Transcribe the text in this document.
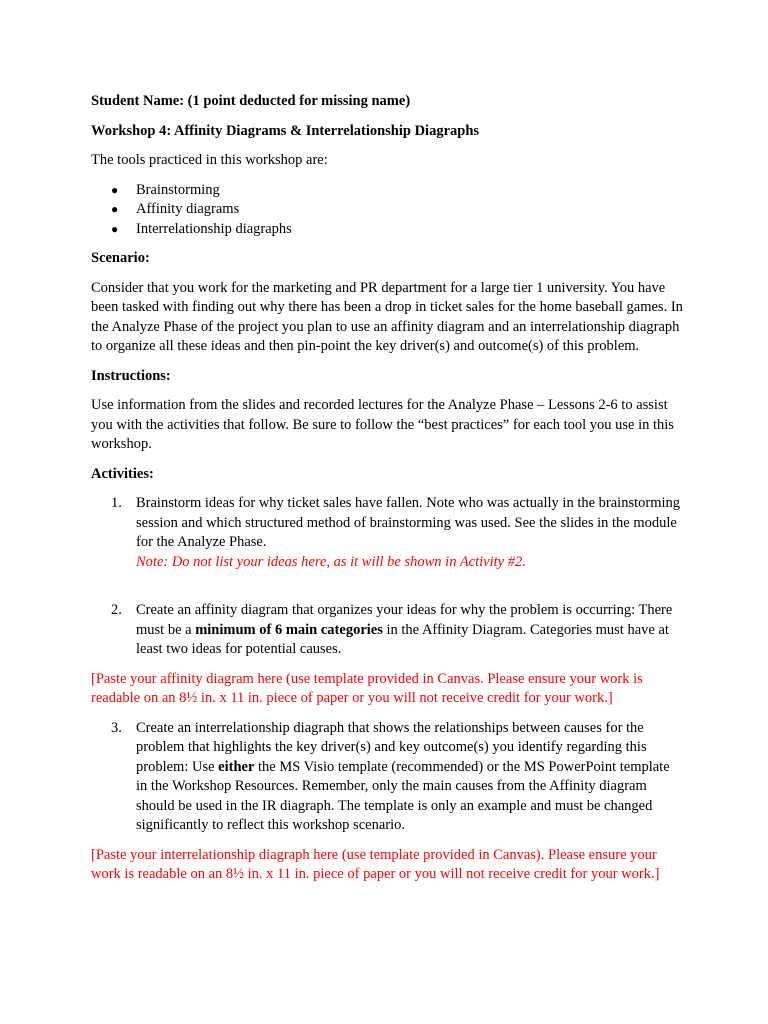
Student Name: (1 point deducted for missing name)

Workshop 4: Affinity Diagrams & Interrelationship Diagraphs

The tools practiced in this workshop are:

● Brainstorming
● Affinity diagrams
● Interrelationship diagraphs

Scenario:

Consider that you work for the marketing and PR department for a large tier 1 university. You have been tasked with finding out why there has been a drop in ticket sales for the home baseball games. In the Analyze Phase of the project you plan to use an affinity diagram and an interrelationship diagraph to organize all these ideas and then pin-point the key driver(s) and outcome(s) of this problem.

Instructions:

Use information from the slides and recorded lectures for the Analyze Phase – Lessons 2-6 to assist you with the activities that follow. Be sure to follow the “best practices” for each tool you use in this workshop.

Activities:

1. Brainstorm ideas for why ticket sales have fallen. Note who was actually in the brainstorming session and which structured method of brainstorming was used. See the slides in the module for the Analyze Phase.
Note: Do not list your ideas here, as it will be shown in Activity #2.
2. Create an affinity diagram that organizes your ideas for why the problem is occurring: There must be a minimum of 6 main categories in the Affinity Diagram. Categories must have at least two ideas for potential causes.

[Paste your affinity diagram here (use template provided in Canvas. Please ensure your work is readable on an 8½ in. x 11 in. piece of paper or you will not receive credit for your work.]

3. Create an interrelationship diagraph that shows the relationships between causes for the problem that highlights the key driver(s) and key outcome(s) you identify regarding this problem: Use either the MS Visio template (recommended) or the MS PowerPoint template in the Workshop Resources. Remember, only the main causes from the Affinity diagram should be used in the IR diagraph. The template is only an example and must be changed significantly to reflect this workshop scenario.

[Paste your interrelationship diagraph here (use template provided in Canvas). Please ensure your work is readable on an 8½ in. x 11 in. piece of paper or you will not receive credit for your work.]
